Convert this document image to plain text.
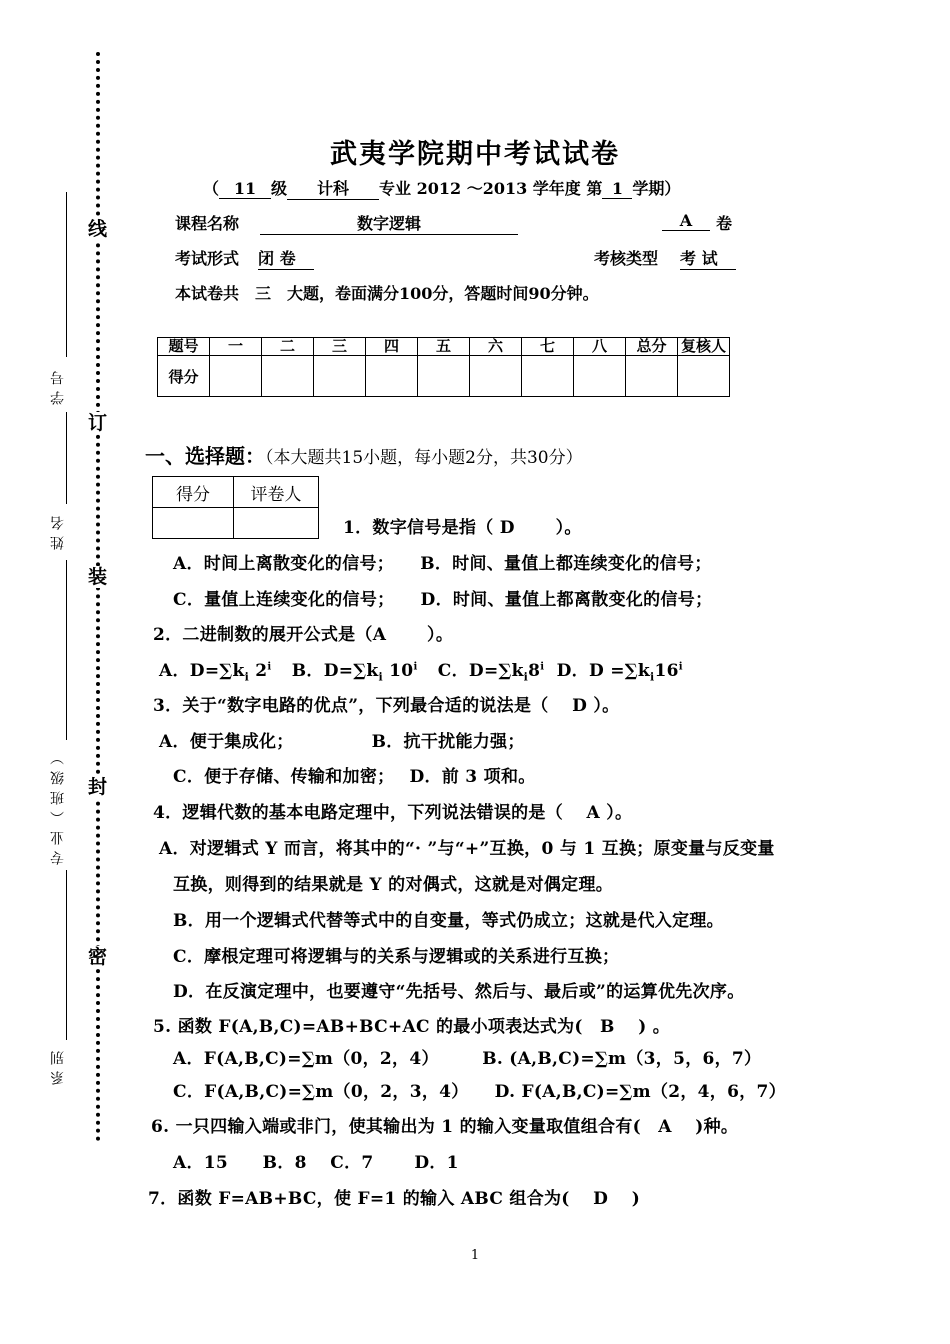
线
订
装
封
密
学号
姓名
专业（班级）
系别
武夷学院期中考试试卷
（ 11 级 计科 专业 2012 ～2013 学年度 第 1 学期）
课程名称	数字逻辑	A	卷
考试形式 闭 卷	考核类型 考 试
本试卷共　三　大题，卷面满分100分，答题时间90分钟。
题号	一	二	三	四	五	六	七	八	总分	复核人
得分										
一、选择题：（本大题共15小题，每小题2分，共30分）
得分	评卷人

1．数字信号是指（ D 　　）。
A．时间上离散变化的信号；　　B．时间、量值上都连续变化的信号；
C．量值上连续变化的信号；　　D．时间、量值上都离散变化的信号；
2．二进制数的展开公式是（A 　　）。
A．$D=\sum k_i$ 2$^i$ B．$D=\sum k_i$ 10$^i$ C．$D=\sum k_i8^i$ D．$D =\sum k_i16^i$
3．关于“数字电路的优点”，下列最合适的说法是（　 D ）。
A．便于集成化；　　　　　B．抗干扰能力强；
C．便于存储、传输和加密；　 D．前 3 项和。
4．逻辑代数的基本电路定理中，下列说法错误的是（　 A ）。
A．对逻辑式 Y 而言，将其中的“· ”与“+”互换，0 与 1 互换；原变量与反变量
互换，则得到的结果就是 Y 的对偶式，这就是对偶定理。
B．用一个逻辑式代替等式中的自变量，等式仍成立；这就是代入定理。
C．摩根定理可将逻辑与的关系与逻辑或的关系进行互换；
D．在反演定理中，也要遵守“先括号、然后与、最后或”的运算优先次序。
5. 函数 F(A,B,C)=AB+BC+AC 的最小项表达式为(　B 　) 。
A．F(A,B,C)=∑m（0，2，4）　　　B. (A,B,C)=∑m（3，5，6，7）
C．F(A,B,C)=∑m（0，2，3，4）　　D. F(A,B,C)=∑m（2，4，6，7）
6. 一只四输入端或非门，使其输出为 1 的输入变量取值组合有(　A 　)种。
A．15　　B．8　 C．7 　　D．1
7．函数 F=AB+BC，使 F=1 的输入 ABC 组合为(　 D 　)
1
